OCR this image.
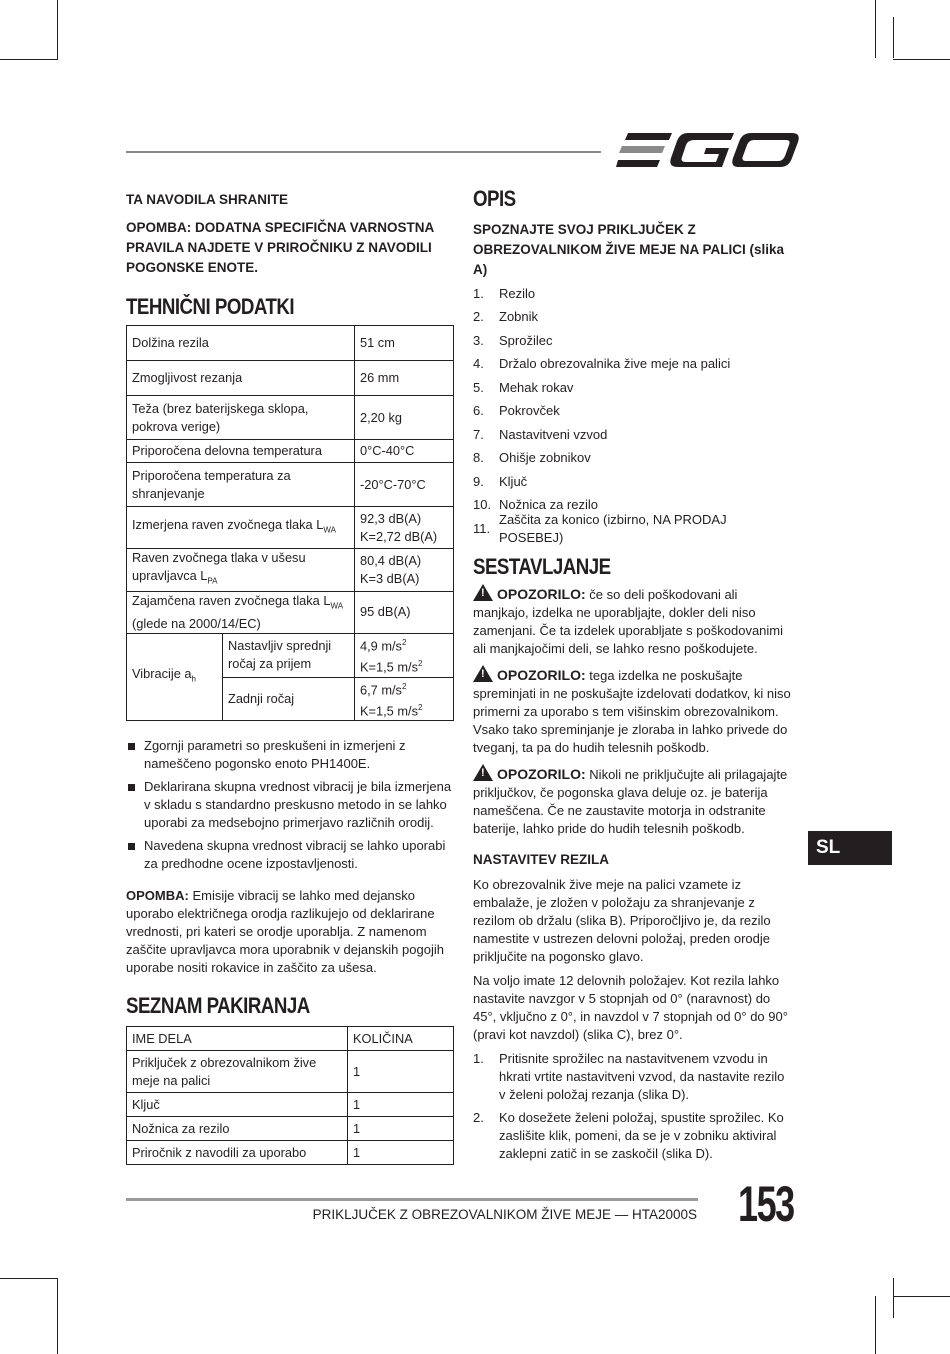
TA NAVODILA SHRANITE

OPOMBA: DODATNA SPECIFIČNA VARNOSTNA PRAVILA NAJDETE V PRIROČNIKU Z NAVODILI POGONSKE ENOTE.

TEHNIČNI PODATKI
Dolžina rezila		51 cm
Zmogljivost rezanja		26 mm
Teža (brez baterijskega sklopa, pokrova verige)		2,20 kg
Priporočena delovna temperatura		0°C-40°C
Priporočena temperatura za shranjevanje		-20°C-70°C
Izmerjena raven zvočnega tlaka $L_{WA}$		92,3 dB(A)
K=2,72 dB(A)

Raven zvočnega tlaka v ušesu upravljavca $L_{PA}$		80,4 dB(A)
K=3 dB(A)

Zajamčena raven zvočnega tlaka $L_{WA}$
(glede na 2000/14/EC)		95 dB(A)
Vibracije $a_h$	Nastavljiv sprednji ročaj za prijem	4,9 $m/s^2$
K=1,5 $m/s^2$

	Zadnji ročaj	6,7 $m/s^2$
K=1,5 $m/s^2$
Zgornji parametri so preskušeni in izmerjeni z nameščeno pogonsko enoto PH1400E.
Deklarirana skupna vrednost vibracij je bila izmerjena v skladu s standardno preskusno metodo in se lahko uporabi za medsebojno primerjavo različnih orodij.
Navedena skupna vrednost vibracij se lahko uporabi za predhodne ocene izpostavljenosti.

OPOMBA: Emisije vibracij se lahko med dejansko uporabo električnega orodja razlikujejo od deklarirane vrednosti, pri kateri se orodje uporablja. Z namenom zaščite upravljavca mora uporabnik v dejanskih pogojih uporabe nositi rokavice in zaščito za ušesa.

SEZNAM PAKIRANJA
IME DELA	KOLIČINA
Priključek z obrezovalnikom žive meje na palici	1
Ključ	1
Nožnica za rezilo	1
Priročnik z navodili za uporabo	1
OPIS

SPOZNAJTE SVOJ PRIKLJUČEK Z OBREZOVALNIKOM ŽIVE MEJE NA PALICI (slika A)

1.	Rezilo
2.	Zobnik
3.	Sprožilec
4.	Držalo obrezovalnika žive meje na palici
5.	Mehak rokav
6.	Pokrovček
7.	Nastavitveni vzvod
8.	Ohišje zobnikov
9.	Ključ
10. Nožnica za rezilo
11.
Zaščita za konico (izbirno, NA PRODAJ POSEBEJ)
SESTAVLJANJE

!OPOZORILO: če so deli poškodovani ali manjkajo, izdelka ne uporabljajte, dokler deli niso zamenjani. Če ta izdelek uporabljate s poškodovanimi ali manjkajočimi deli, se lahko resno poškodujete.

!OPOZORILO: tega izdelka ne poskušajte spreminjati in ne poskušajte izdelovati dodatkov, ki niso primerni za uporabo s tem višinskim obrezovalnikom. Vsako tako spreminjanje je zloraba in lahko privede do tveganj, ta pa do hudih telesnih poškodb.

!OPOZORILO: Nikoli ne priključujte ali prilagajajte priključkov, če pogonska glava deluje oz. je baterija nameščena. Če ne zaustavite motorja in odstranite baterije, lahko pride do hudih telesnih poškodb.

NASTAVITEV REZILA

Ko obrezovalnik žive meje na palici vzamete iz embalaže, je zložen v položaju za shranjevanje z rezilom ob držalu (slika B). Priporočljivo je, da rezilo namestite v ustrezen delovni položaj, preden orodje priključite na pogonsko glavo.

Na voljo imate 12 delovnih položajev. Kot rezila lahko nastavite navzgor v 5 stopnjah od 0° (naravnost) do 45°, vključno z 0°, in navzdol v 7 stopnjah od 0° do 90° (pravi kot navzdol) (slika C), brez 0°.

1.	Pritisnite sprožilec na nastavitvenem vzvodu in hkrati vrtite nastavitveni vzvod, da nastavite rezilo v želeni položaj rezanja (slika D).
2.	Ko dosežete želeni položaj, spustite sprožilec. Ko zaslišite klik, pomeni, da se je v zobniku aktiviral zaklepni zatič in se zaskočil (slika D).
SL
PRIKLJUČEK Z OBREZOVALNIKOM ŽIVE MEJE — HTA2000S 153
